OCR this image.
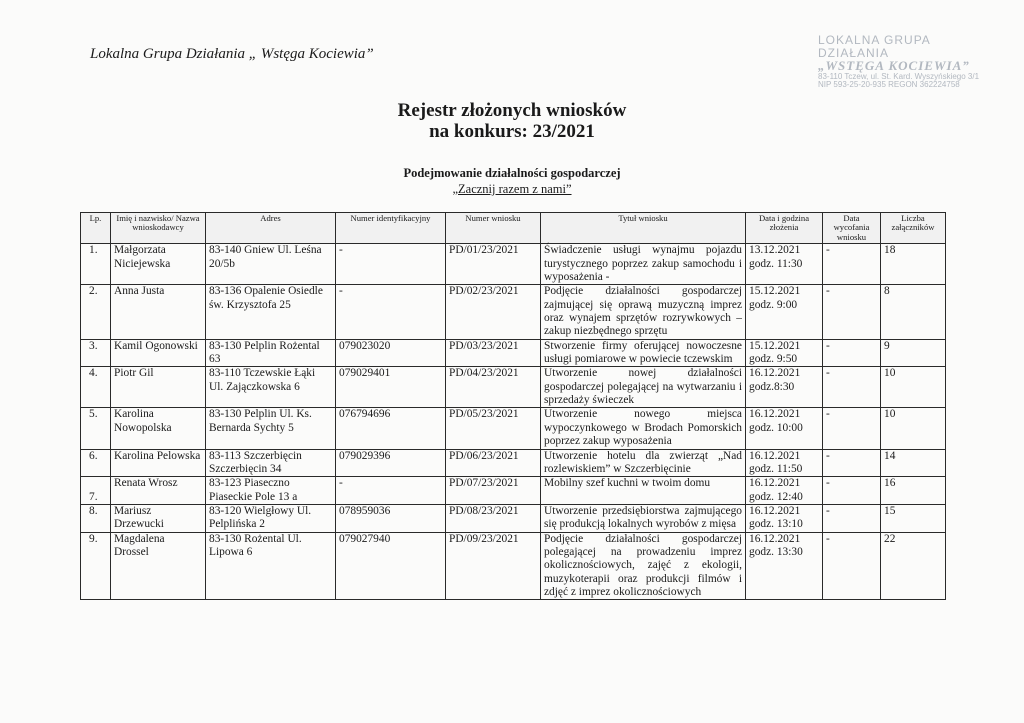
Lokalna Grupa Działania „ Wstęga Kociewia”
LOKALNA GRUPA DZIAŁANIA
„WSTĘGA KOCIEWIA”
83-110 Tczew, ul. St. Kard. Wyszyńskiego 3/1
NIP 593-25-20-935 REGON 362224758
Rejestr złożonych wniosków
na konkurs: 23/2021
Podejmowanie działalności gospodarczej
„Zacznij razem z nami”
Lp.	Imię i nazwisko/ Nazwa wnioskodawcy	Adres	Numer identyfikacyjny	Numer wniosku	Tytuł wniosku	Data i godzina złożenia	Data wycofania wniosku	Liczba załączników
1.	Małgorzata Niciejewska	83-140 Gniew Ul. Leśna 20/5b	-	PD/01/23/2021	Świadczenie usługi wynajmu pojazdu turystycznego poprzez zakup samochodu i wyposażenia -	13.12.2021 godz. 11:30	-	18
2.	Anna Justa	83-136 Opalenie Osiedle św. Krzysztofa 25	-	PD/02/23/2021	Podjęcie działalności gospodarczej zajmującej się oprawą muzyczną imprez oraz wynajem sprzętów rozrywkowych – zakup niezbędnego sprzętu	15.12.2021 godz. 9:00	-	8
3.	Kamil Ogonowski	83-130 Pelplin Rożental 63	079023020	PD/03/23/2021	Stworzenie firmy oferującej nowoczesne usługi pomiarowe w powiecie tczewskim	15.12.2021 godz. 9:50	-	9
4.	Piotr Gil	83-110 Tczewskie Łąki Ul. Zajączkowska 6	079029401	PD/04/23/2021	Utworzenie nowej działalności gospodarczej polegającej na wytwarzaniu i sprzedaży świeczek	16.12.2021 godz.8:30	-	10
5.	Karolina Nowopolska	83-130 Pelplin Ul. Ks. Bernarda Sychty 5	076794696	PD/05/23/2021	Utworzenie nowego miejsca wypoczynkowego w Brodach Pomorskich poprzez zakup wyposażenia	16.12.2021 godz. 10:00	-	10
6.	Karolina Pelowska	83-113 Szczerbięcin Szczerbięcin 34	079029396	PD/06/23/2021	Utworzenie hotelu dla zwierząt „Nad rozlewiskiem” w Szczerbięcinie	16.12.2021 godz. 11:50	-	14
7.	Renata Wrosz	83-123 Piaseczno Piaseckie Pole 13 a	-	PD/07/23/2021	Mobilny szef kuchni w twoim domu	16.12.2021 godz. 12:40	-	16
8.	Mariusz Drzewucki	83-120 Wielgłowy Ul. Pelplińska 2	078959036	PD/08/23/2021	Utworzenie przedsiębiorstwa zajmującego się produkcją lokalnych wyrobów z mięsa	16.12.2021 godz. 13:10	-	15
9.	Magdalena Drossel	83-130 Rożental Ul. Lipowa 6	079027940	PD/09/23/2021	Podjęcie działalności gospodarczej polegającej na prowadzeniu imprez okolicznościowych, zajęć z ekologii, muzykoterapii oraz produkcji filmów i zdjęć z imprez okolicznościowych	16.12.2021 godz. 13:30	-	22
